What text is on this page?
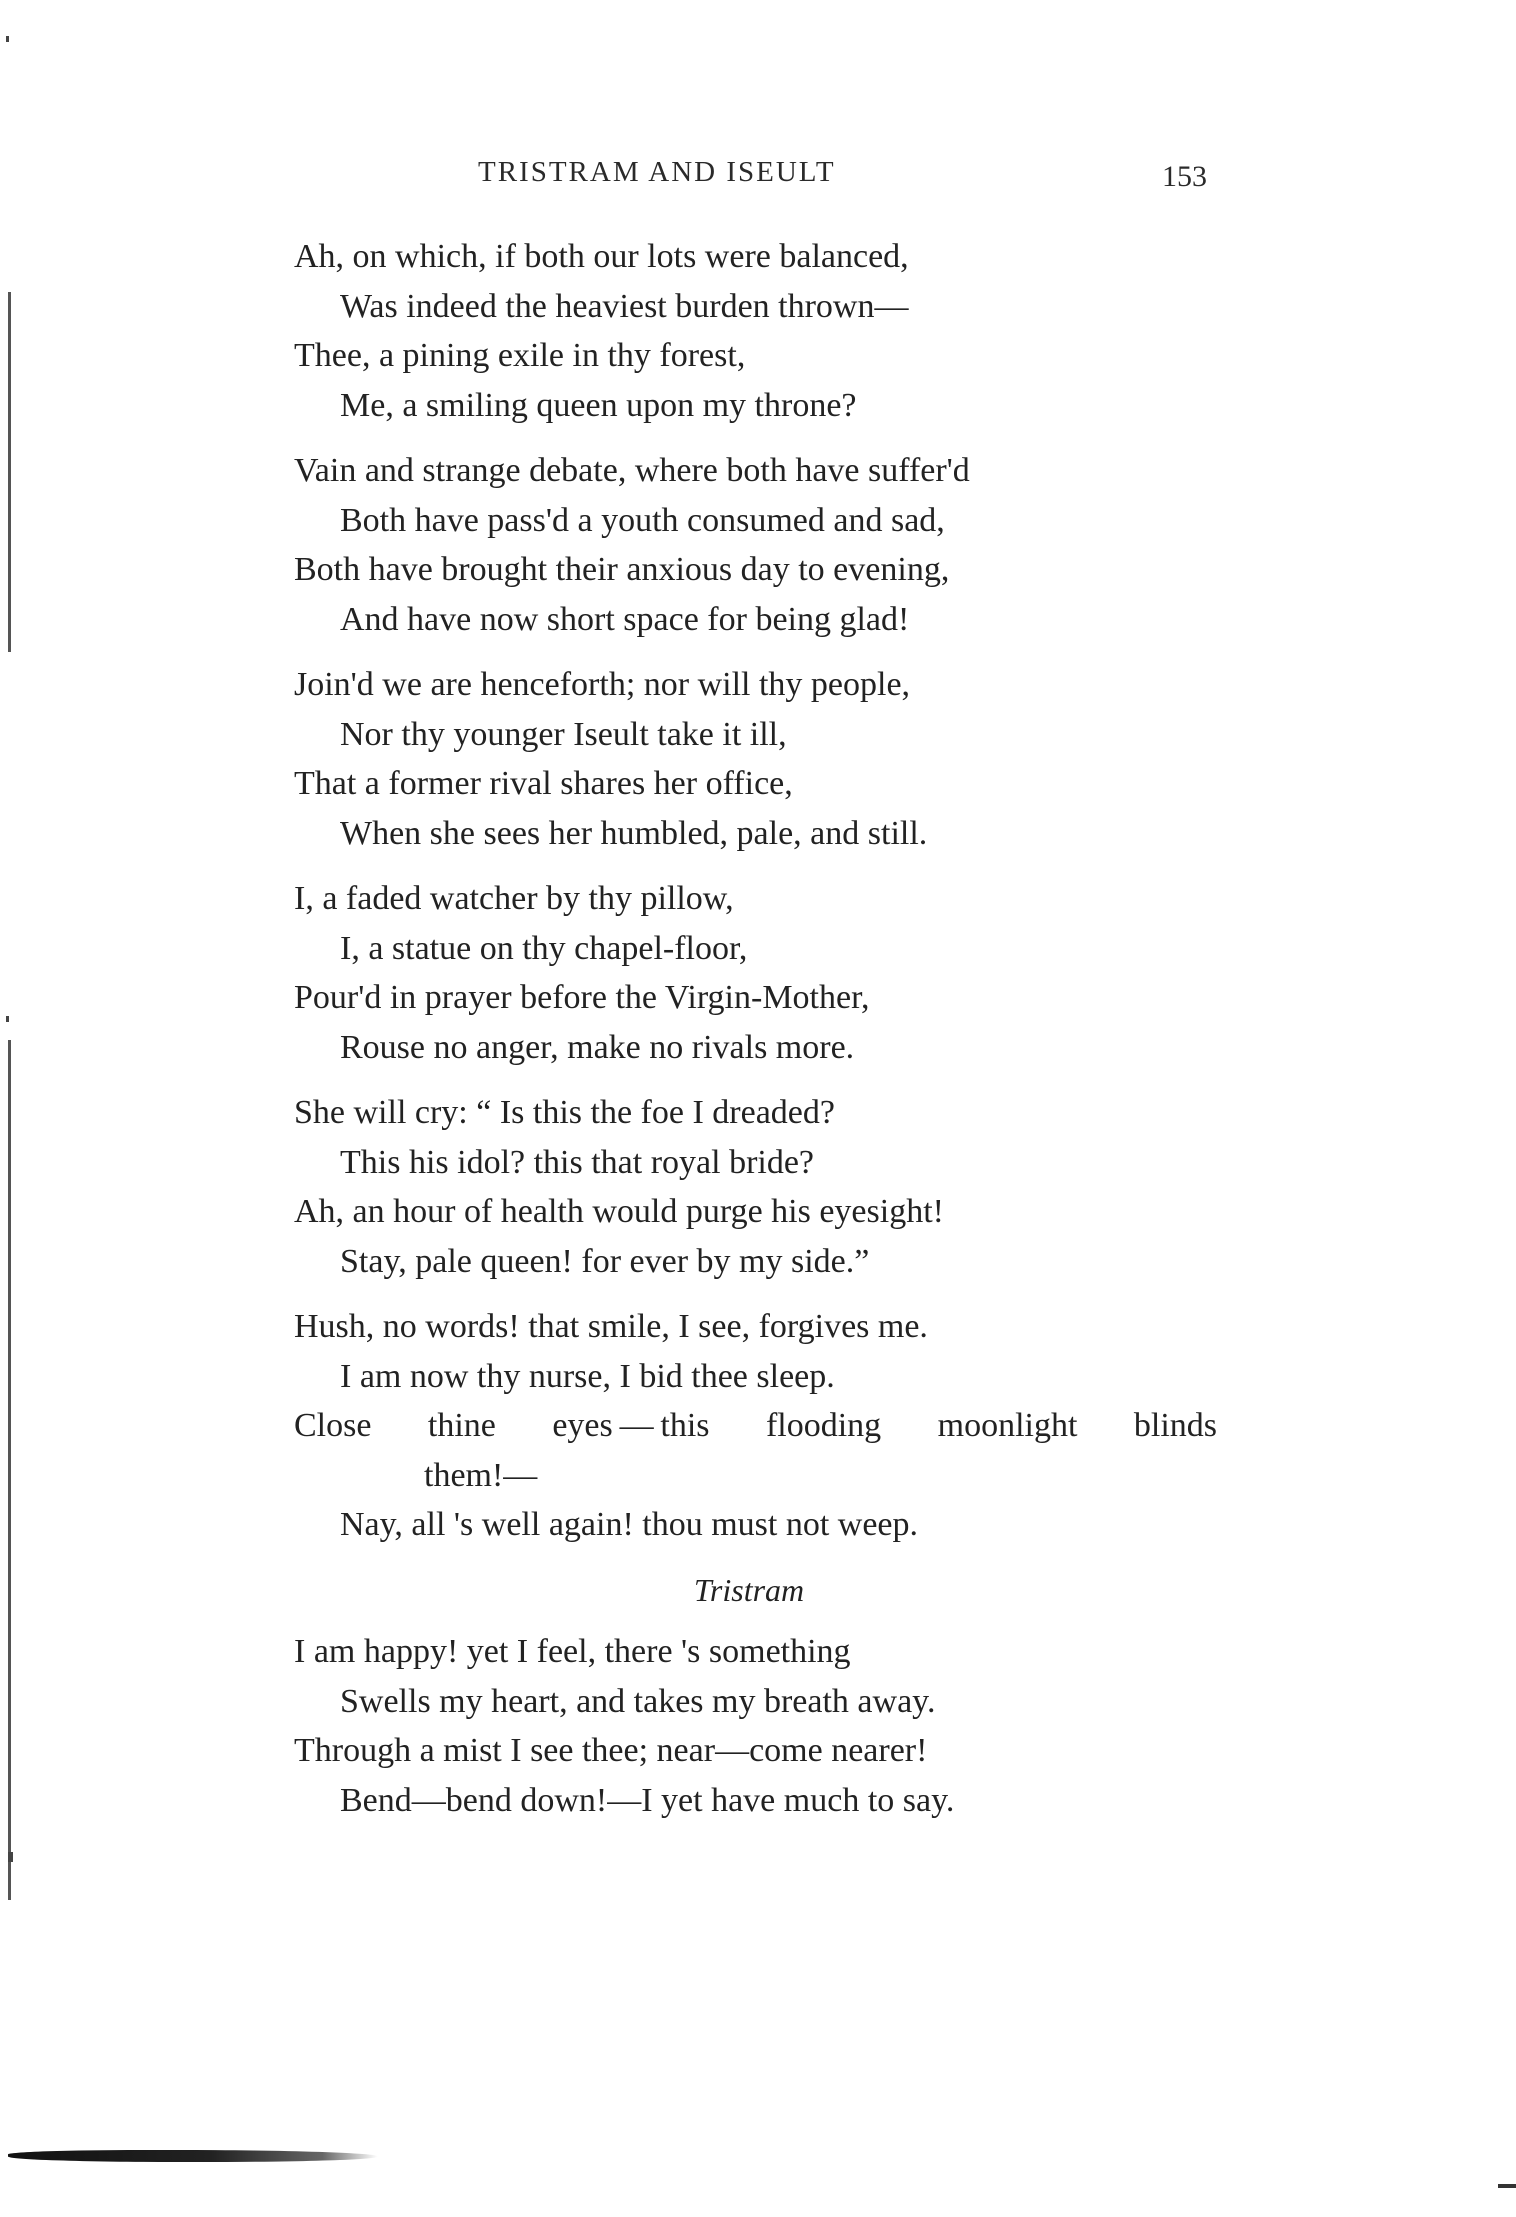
TRISTRAM AND ISEULT	153
Ah, on which, if both our lots were balanced,
Was indeed the heaviest burden thrown—
Thee, a pining exile in thy forest,
Me, a smiling queen upon my throne?
Vain and strange debate, where both have suffer'd
Both have pass'd a youth consumed and sad,
Both have brought their anxious day to evening,
And have now short space for being glad!
Join'd we are henceforth; nor will thy people,
Nor thy younger Iseult take it ill,
That a former rival shares her office,
When she sees her humbled, pale, and still.
I, a faded watcher by thy pillow,
I, a statue on thy chapel-floor,
Pour'd in prayer before the Virgin-Mother,
Rouse no anger, make no rivals more.
She will cry: “ Is this the foe I dreaded?
This his idol? this that royal bride?
Ah, an hour of health would purge his eyesight!
Stay, pale queen! for ever by my side.”
Hush, no words! that smile, I see, forgives me.
I am now thy nurse, I bid thee sleep.
Close thine eyes — this flooding moonlight blinds
them!—
Nay, all 's well again! thou must not weep.
Tristram
I am happy! yet I feel, there 's something
Swells my heart, and takes my breath away.
Through a mist I see thee; near—come nearer!
Bend—bend down!—I yet have much to say.
